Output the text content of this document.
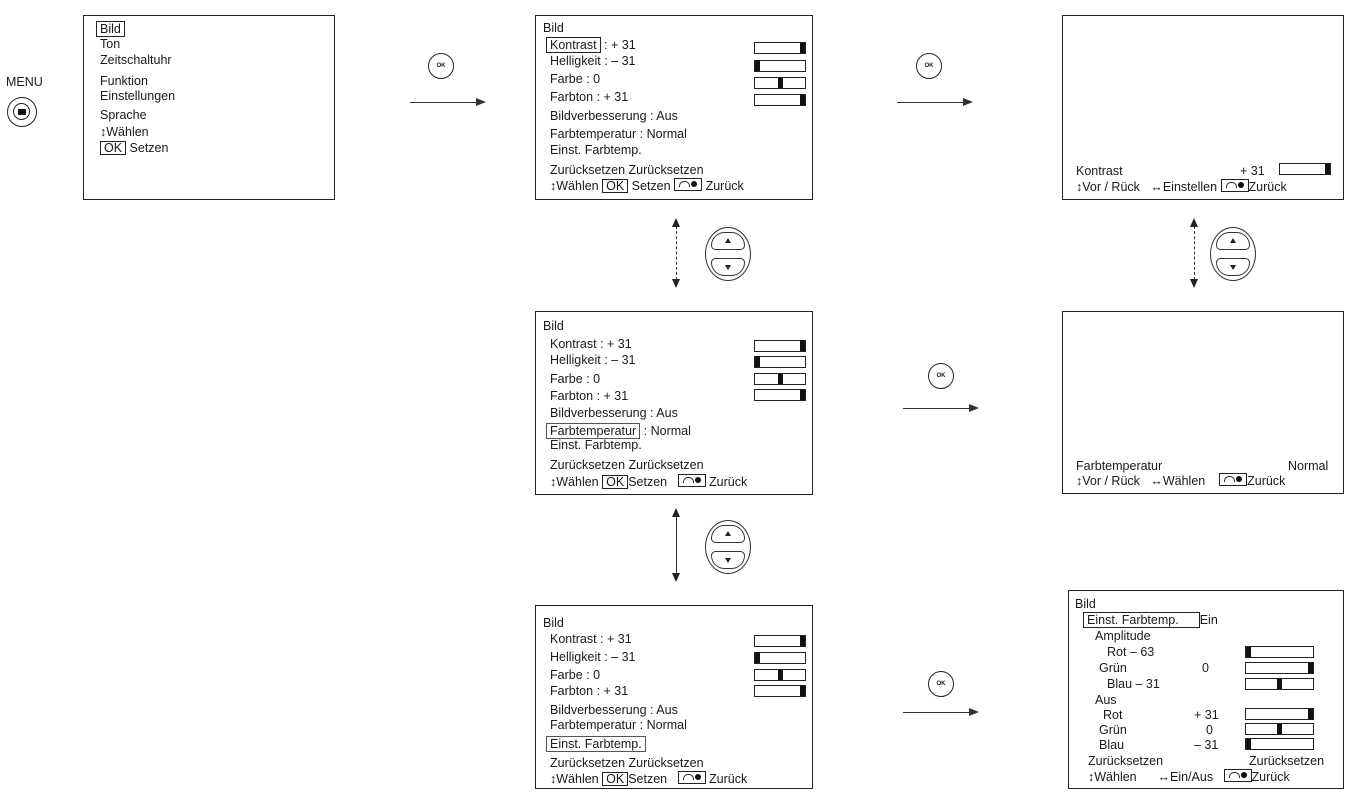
MENU
Bild
Ton
Zeitschaltuhr
Funktion
Einstellungen
Sprache
↕Wählen
OK Setzen
OK
Bild
Kontrast : + 31
Helligkeit : – 31
Farbe : 0
Farbton : + 31
Bildverbesserung : Aus
Farbtemperatur : Normal
Einst. Farbtemp.
Zurücksetzen Zurücksetzen
↕Wählen OK Setzen	Zurück
OK
Kontrast	+ 31
↕Vor / Rück ↔Einstellen	Zurück
Bild
Kontrast : + 31
Helligkeit : – 31
Farbe : 0
Farbton : + 31
Bildverbesserung : Aus
Farbtemperatur : Normal
Einst. Farbtemp.
Zurücksetzen Zurücksetzen
↕Wählen OK Setzen	Zurück
OK
Farbtemperatur	Normal
↕Vor / Rück ↔Wählen	Zurück
Bild
Kontrast : + 31
Helligkeit : – 31
Farbe : 0
Farbton : + 31
Bildverbesserung : Aus
Farbtemperatur : Normal
Einst. Farbtemp.
Zurücksetzen Zurücksetzen
↕Wählen OK Setzen	Zurück
OK
Bild
Einst. Farbtemp. Ein
Amplitude
Rot – 63
Grün	0
Blau – 31
Aus
Rot	+ 31
Grün	0
Blau	– 31
Zurücksetzen	Zurücksetzen
↕Wählen ↔Ein/Aus	Zurück
